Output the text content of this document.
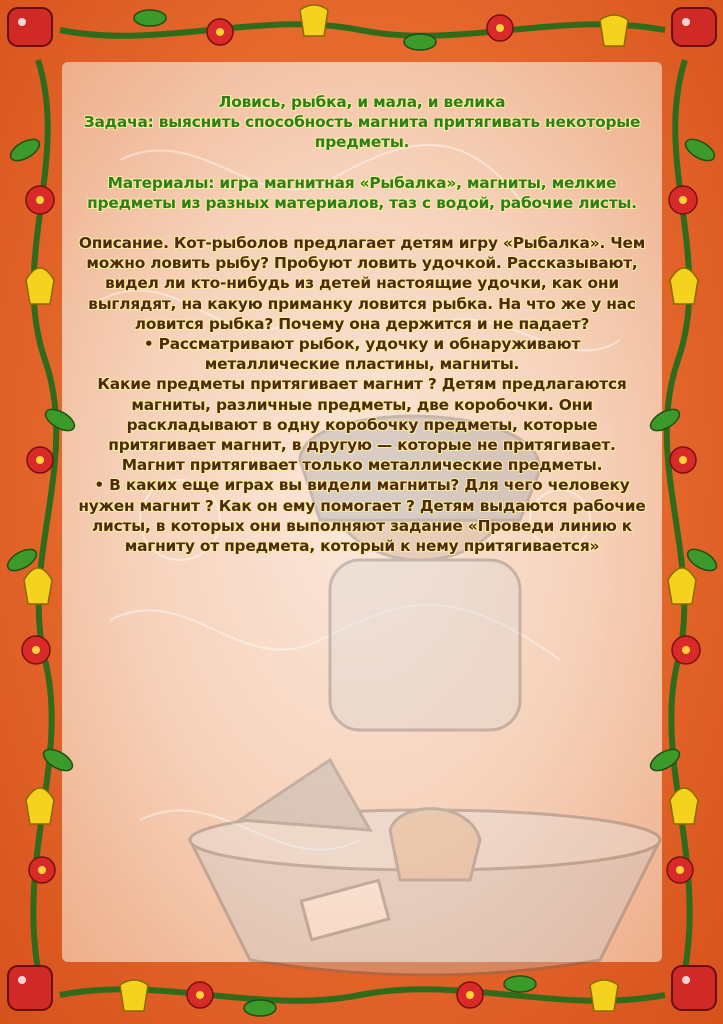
Ловись, рыбка, и мала, и велика

Задача: выяснить способность магнита притягивать некоторые предметы.

Материалы: игра магнитная «Рыбалка», магниты, мелкие предметы из разных материалов, таз с водой, рабочие листы.

Описание. Кот-рыболов предлагает детям игру «Рыбалка». Чем можно ловить рыбу? Пробуют ловить удочкой. Рассказывают, видел ли кто-нибудь из детей настоящие удочки, как они выглядят, на какую приманку ловится рыбка. На что же у нас ловится рыбка? Почему она держится и не падает?

• Рассматривают рыбок, удочку и обнаруживают металлические пластины, магниты.

Какие предметы притягивает магнит ? Детям предлагаются магниты, различные предметы, две коробочки. Они раскладывают в одну коробочку предметы, которые притягивает магнит, в другую — которые не притягивает. Магнит притягивает только металлические предметы.

• В каких еще играх вы видели магниты? Для чего человеку нужен магнит ? Как он ему помогает ? Детям выдаются рабочие листы, в которых они выполняют задание «Проведи линию к магниту от предмета, который к нему притягивается»
